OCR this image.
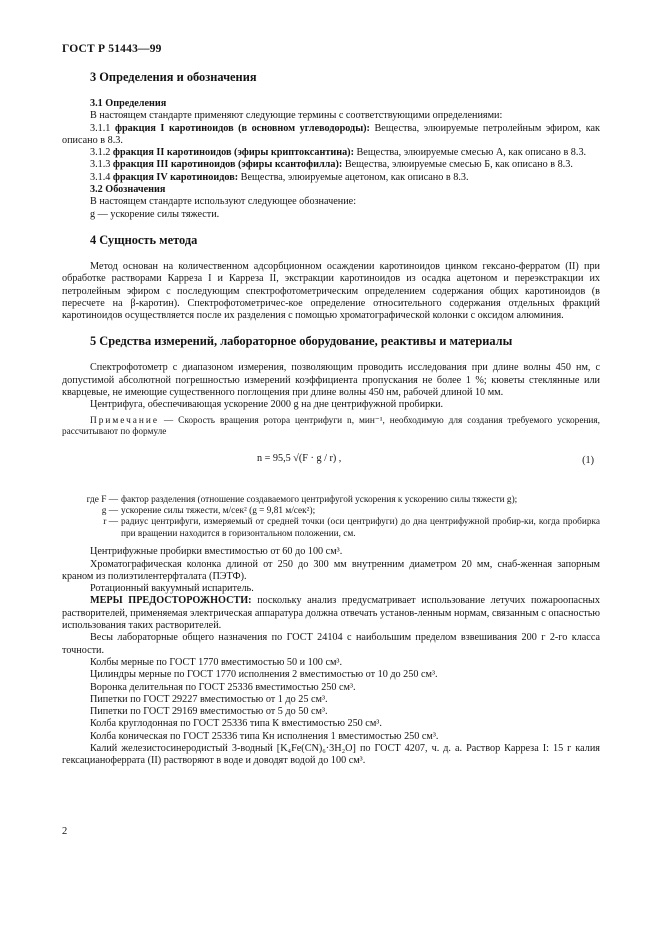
ГОСТ Р 51443—99
3 Определения и обозначения
3.1 Определения

В настоящем стандарте применяют следующие термины с соответствующими определениями:

3.1.1 фракция I каротиноидов (в основном углеводороды): Вещества, элюируемые петролейным эфиром, как описано в 8.3.

3.1.2 фракция II каротиноидов (эфиры криптоксантина): Вещества, элюируемые смесью А, как описано в 8.3.

3.1.3 фракция III каротиноидов (эфиры ксантофилла): Вещества, элюируемые смесью Б, как описано в 8.3.

3.1.4 фракция IV каротиноидов: Вещества, элюируемые ацетоном, как описано в 8.3.

3.2 Обозначения

В настоящем стандарте используют следующее обозначение:

g — ускорение силы тяжести.

4 Сущность метода

Метод основан на количественном адсорбционном осаждении каротиноидов цинком гексано-ферратом (II) при обработке растворами Карреза I и Карреза II, экстракции каротиноидов из осадка ацетоном и переэкстракции их петролейным эфиром с последующим спектрофотометрическим определением содержания общих каротиноидов (в пересчете на β-каротин). Спектрофотометричес-кое определение относительного содержания отдельных фракций каротиноидов осуществляется после их разделения с помощью хроматографической колонки с оксидом алюминия.

5 Средства измерений, лабораторное оборудование, реактивы и материалы

Спектрофотометр с диапазоном измерения, позволяющим проводить исследования при длине волны 450 нм, с допустимой абсолютной погрешностью измерений коэффициента пропускания не более 1 %; кюветы стеклянные или кварцевые, не имеющие существенного поглощения при длине волны 450 нм, рабочей длиной 10 мм.

Центрифуга, обеспечивающая ускорение 2000 g на дне центрифужной пробирки.

Примечание — Скорость вращения ротора центрифуги n, мин⁻¹, необходимую для создания требуемого ускорения, рассчитывают по формуле

n = 95,5 √(F · g / r) ,	(1)
где F — фактор разделения (отношение создаваемого центрифугой ускорения к ускорению силы тяжести g);
g — ускорение силы тяжести, м/сек² (g = 9,81 м/сек²);
r — радиус центрифуги, измеряемый от средней точки (оси центрифуги) до дна центрифужной пробир-ки, когда пробирка при вращении находится в горизонтальном положении, см.

Центрифужные пробирки вместимостью от 60 до 100 см³.

Хроматографическая колонка длиной от 250 до 300 мм внутренним диаметром 20 мм, снаб-женная запорным краном из полиэтилентерфталата (ПЭТФ).

Ротационный вакуумный испаритель.

МЕРЫ ПРЕДОСТОРОЖНОСТИ: поскольку анализ предусматривает использование летучих пожароопасных растворителей, применяемая электрическая аппаратура должна отвечать установ-ленным нормам, связанным с опасностью использования таких растворителей.

Весы лабораторные общего назначения по ГОСТ 24104 с наибольшим пределом взвешивания 200 г 2-го класса точности.

Колбы мерные по ГОСТ 1770 вместимостью 50 и 100 см³.

Цилиндры мерные по ГОСТ 1770 исполнения 2 вместимостью от 10 до 250 см³.

Воронка делительная по ГОСТ 25336 вместимостью 250 см³.

Пипетки по ГОСТ 29227 вместимостью от 1 до 25 см³.

Пипетки по ГОСТ 29169 вместимостью от 5 до 50 см³.

Колба круглодонная по ГОСТ 25336 типа К вместимостью 250 см³.

Колба коническая по ГОСТ 25336 типа Кн исполнения 1 вместимостью 250 см³.

Калий железистосинеродистый 3-водный [K₄Fe(CN)₆·3H₂O] по ГОСТ 4207, ч. д. а. Раствор Карреза I: 15 г калия гексацианоферрата (II) растворяют в воде и доводят водой до 100 см³.

2
